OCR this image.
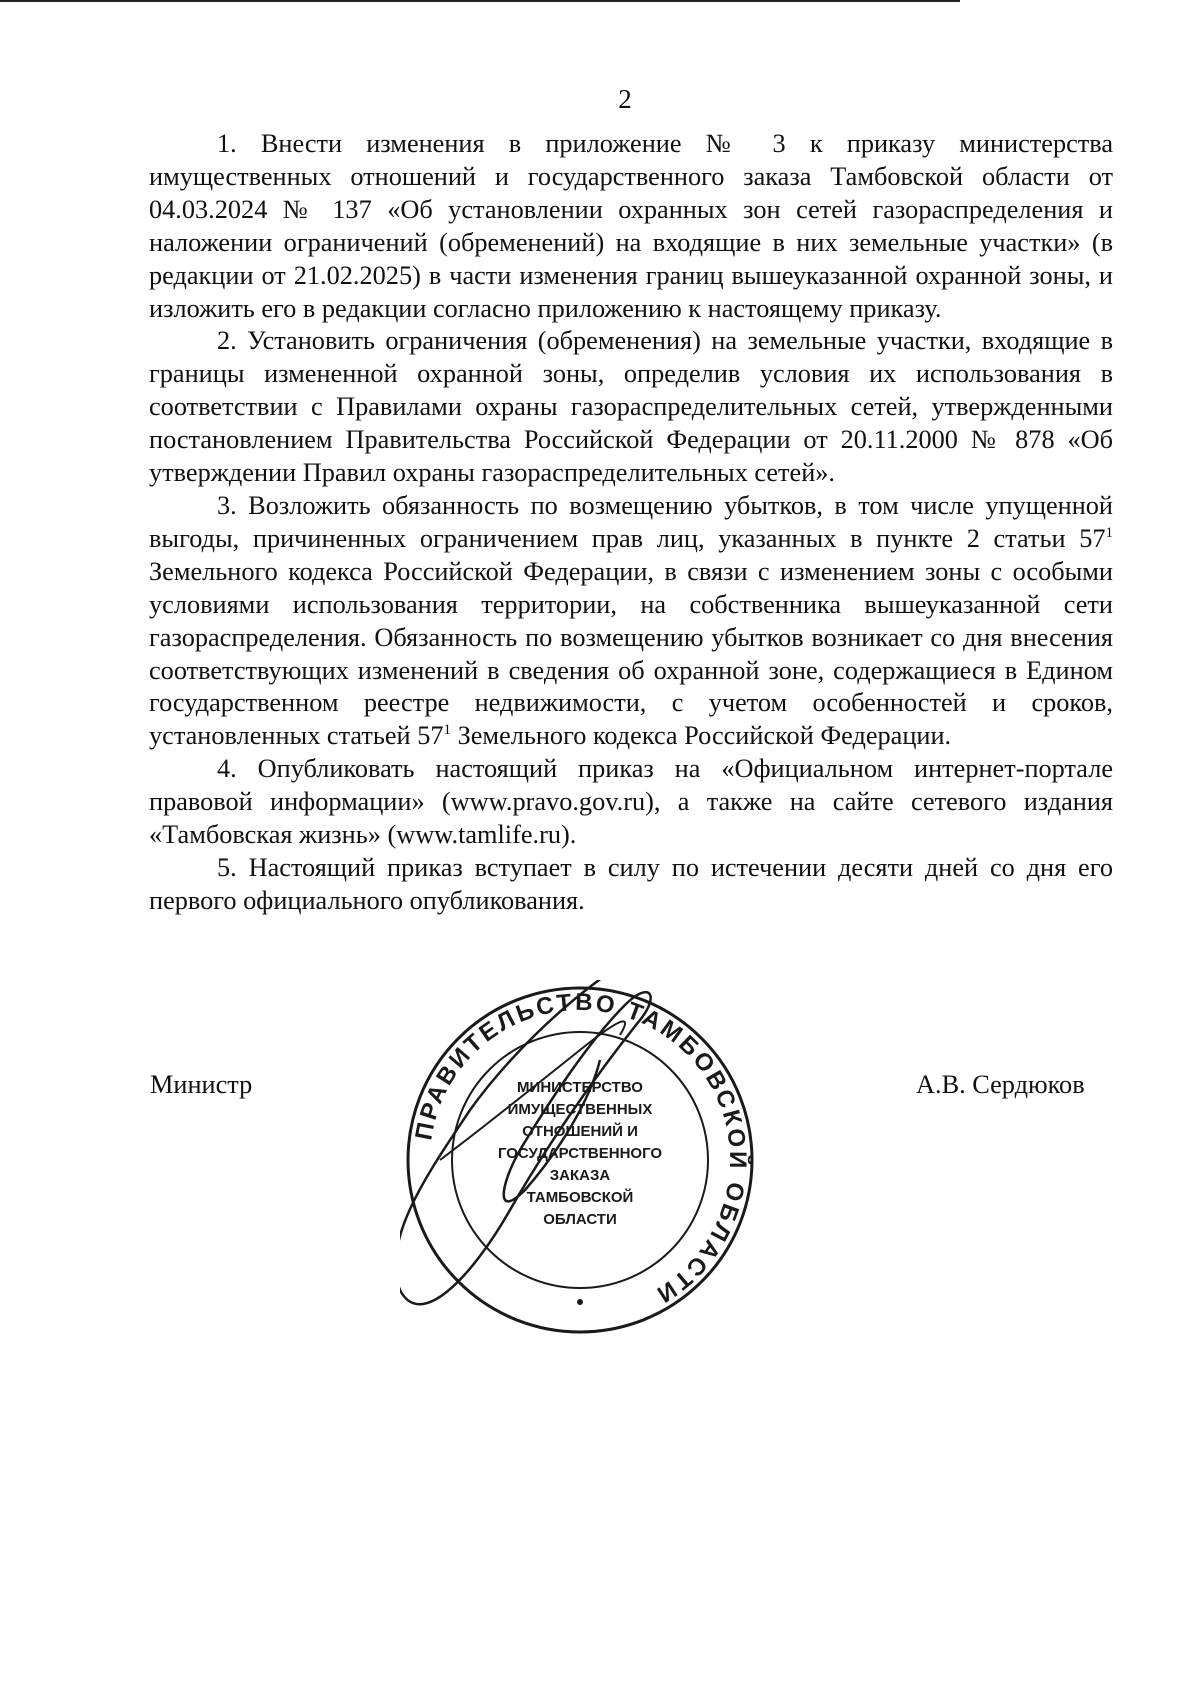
2

1. Внести изменения в приложение № 3 к приказу министерства имущественных отношений и государственного заказа Тамбовской области от 04.03.2024 № 137 «Об установлении охранных зон сетей газораспределения и наложении ограничений (обременений) на входящие в них земельные участки» (в редакции от 21.02.2025) в части изменения границ вышеуказанной охранной зоны, и изложить его в редакции согласно приложению к настоящему приказу.

2. Установить ограничения (обременения) на земельные участки, входящие в границы измененной охранной зоны, определив условия их использования в соответствии с Правилами охраны газораспределительных сетей, утвержденными постановлением Правительства Российской Федерации от 20.11.2000 № 878 «Об утверждении Правил охраны газораспределительных сетей».

3. Возложить обязанность по возмещению убытков, в том числе упущенной выгоды, причиненных ограничением прав лиц, указанных в пункте 2 статьи $57^1$ Земельного кодекса Российской Федерации, в связи с изменением зоны с особыми условиями использования территории, на собственника вышеуказанной сети газораспределения. Обязанность по возмещению убытков возникает со дня внесения соответствующих изменений в сведения об охранной зоне, содержащиеся в Едином государственном реестре недвижимости, с учетом особенностей и сроков, установленных статьей $57^1$ Земельного кодекса Российской Федерации.

4. Опубликовать настоящий приказ на «Официальном интернет-портале правовой информации» (www.pravo.gov.ru), а также на сайте сетевого издания «Тамбовская жизнь» (www.tamlife.ru).

5. Настоящий приказ вступает в силу по истечении десяти дней со дня его первого официального опубликования.

Министр	А.В. Сердюков
ПРАВИТЕЛЬСТВО ТАМБОВСКОЙ ОБЛАСТИ
МИНИСТЕРСТВО
ИМУЩЕСТВЕННЫХ
ОТНОШЕНИЙ И
ГОСУДАРСТВЕННОГО
ЗАКАЗА
ТАМБОВСКОЙ
ОБЛАСТИ
